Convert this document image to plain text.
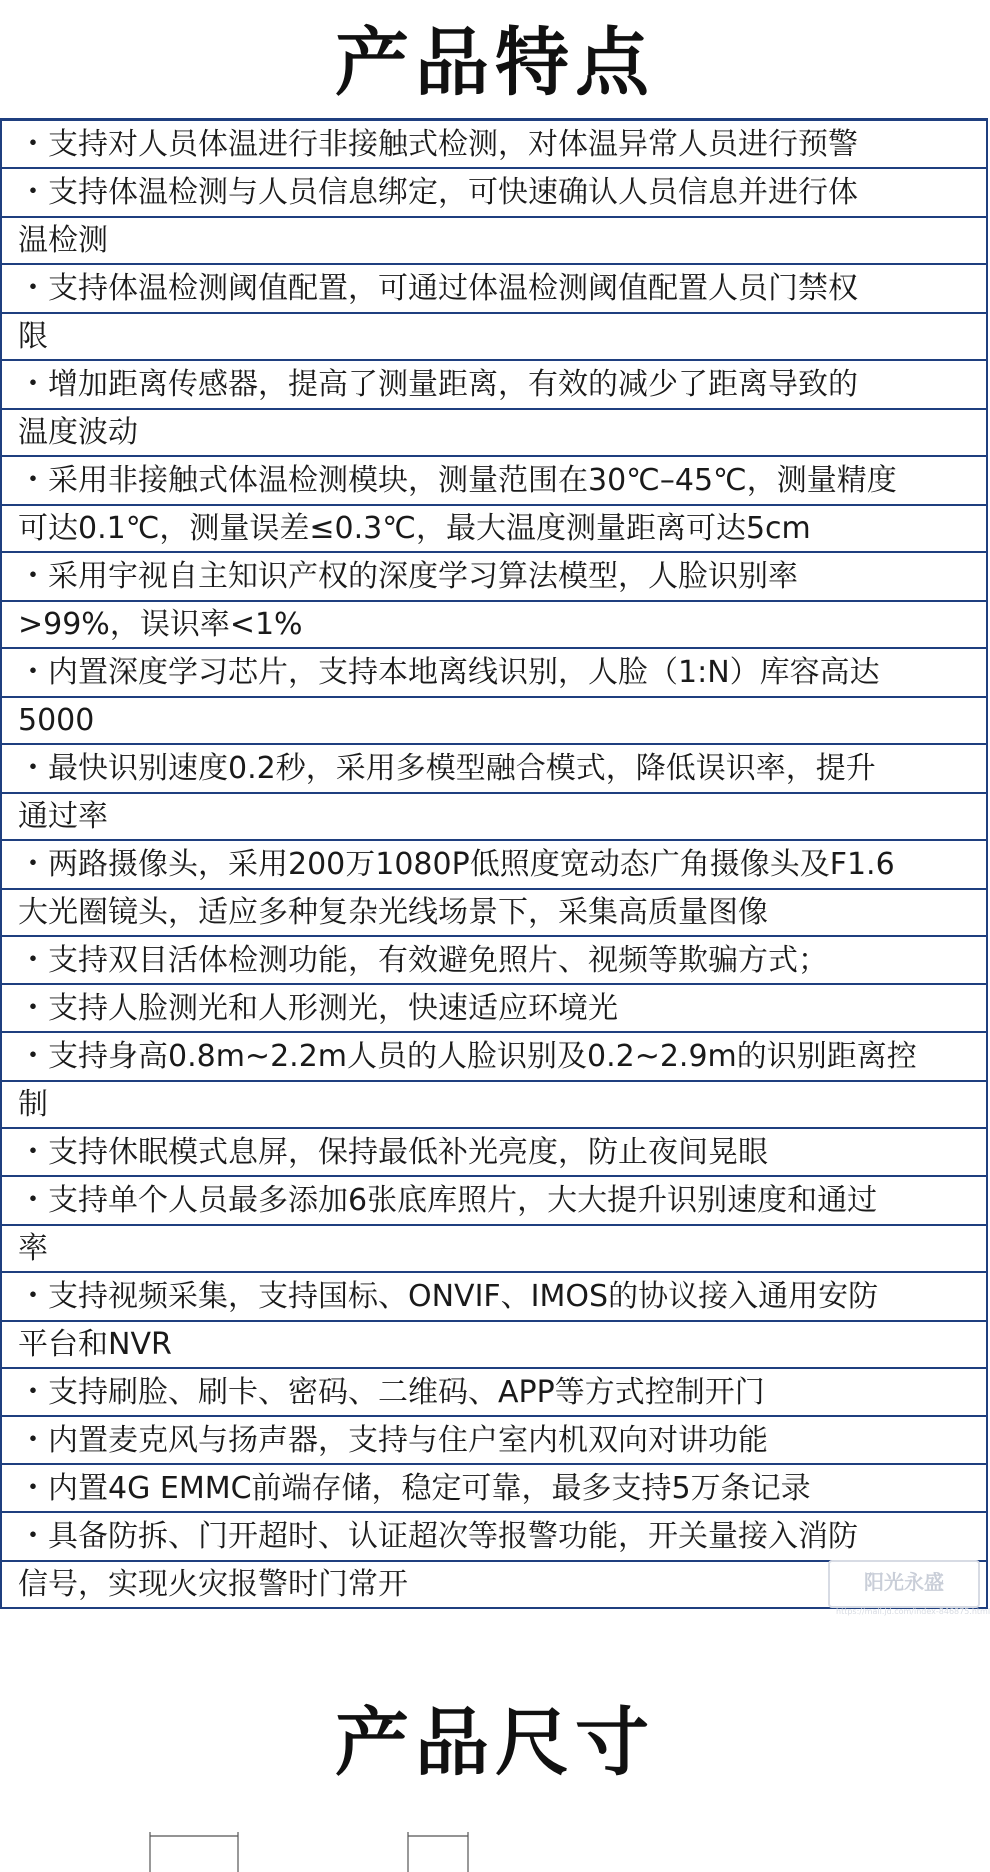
产品特点
・支持对人员体温进行非接触式检测，对体温异常人员进行预警
・支持体温检测与人员信息绑定，可快速确认人员信息并进行体
温检测
・支持体温检测阈值配置，可通过体温检测阈值配置人员门禁权
限
・增加距离传感器，提高了测量距离，有效的减少了距离导致的
温度波动
・采用非接触式体温检测模块，测量范围在30℃–45℃，测量精度
可达0.1℃，测量误差≤0.3℃，最大温度测量距离可达5cm
・采用宇视自主知识产权的深度学习算法模型，人脸识别率
>99%，误识率<1%
・内置深度学习芯片，支持本地离线识别，人脸（1:N）库容高达
5000
・最快识别速度0.2秒，采用多模型融合模式，降低误识率，提升
通过率
・两路摄像头，采用200万1080P低照度宽动态广角摄像头及F1.6
大光圈镜头，适应多种复杂光线场景下，采集高质量图像
・支持双目活体检测功能，有效避免照片、视频等欺骗方式；
・支持人脸测光和人形测光，快速适应环境光
・支持身高0.8m~2.2m人员的人脸识别及0.2~2.9m的识别距离控
制
・支持休眠模式息屏，保持最低补光亮度，防止夜间晃眼
・支持单个人员最多添加6张底库照片，大大提升识别速度和通过
率
・支持视频采集，支持国标、ONVIF、IMOS的协议接入通用安防
平台和NVR
・支持刷脸、刷卡、密码、二维码、APP等方式控制开门
・内置麦克风与扬声器，支持与住户室内机双向对讲功能
・内置4G EMMC前端存储，稳定可靠，最多支持5万条记录
・具备防拆、门开超时、认证超次等报警功能，开关量接入消防
信号，实现火灾报警时门常开	阳光永盛
https://mall.jd.com/index-846875.html
产品尺寸
